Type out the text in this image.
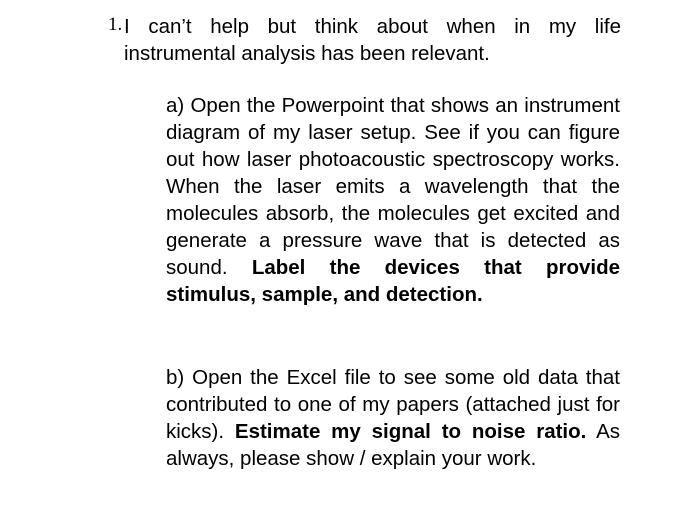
1. I can’t help but think about when in my life instrumental analysis has been relevant.

a) Open the Powerpoint that shows an instrument diagram of my laser setup. See if you can figure out how laser photoacoustic spectroscopy works. When the laser emits a wavelength that the molecules absorb, the molecules get excited and generate a pressure wave that is detected as sound. Label the devices that provide stimulus, sample, and detection.

b) Open the Excel file to see some old data that contributed to one of my papers (attached just for kicks). Estimate my signal to noise ratio. As always, please show / explain your work.
